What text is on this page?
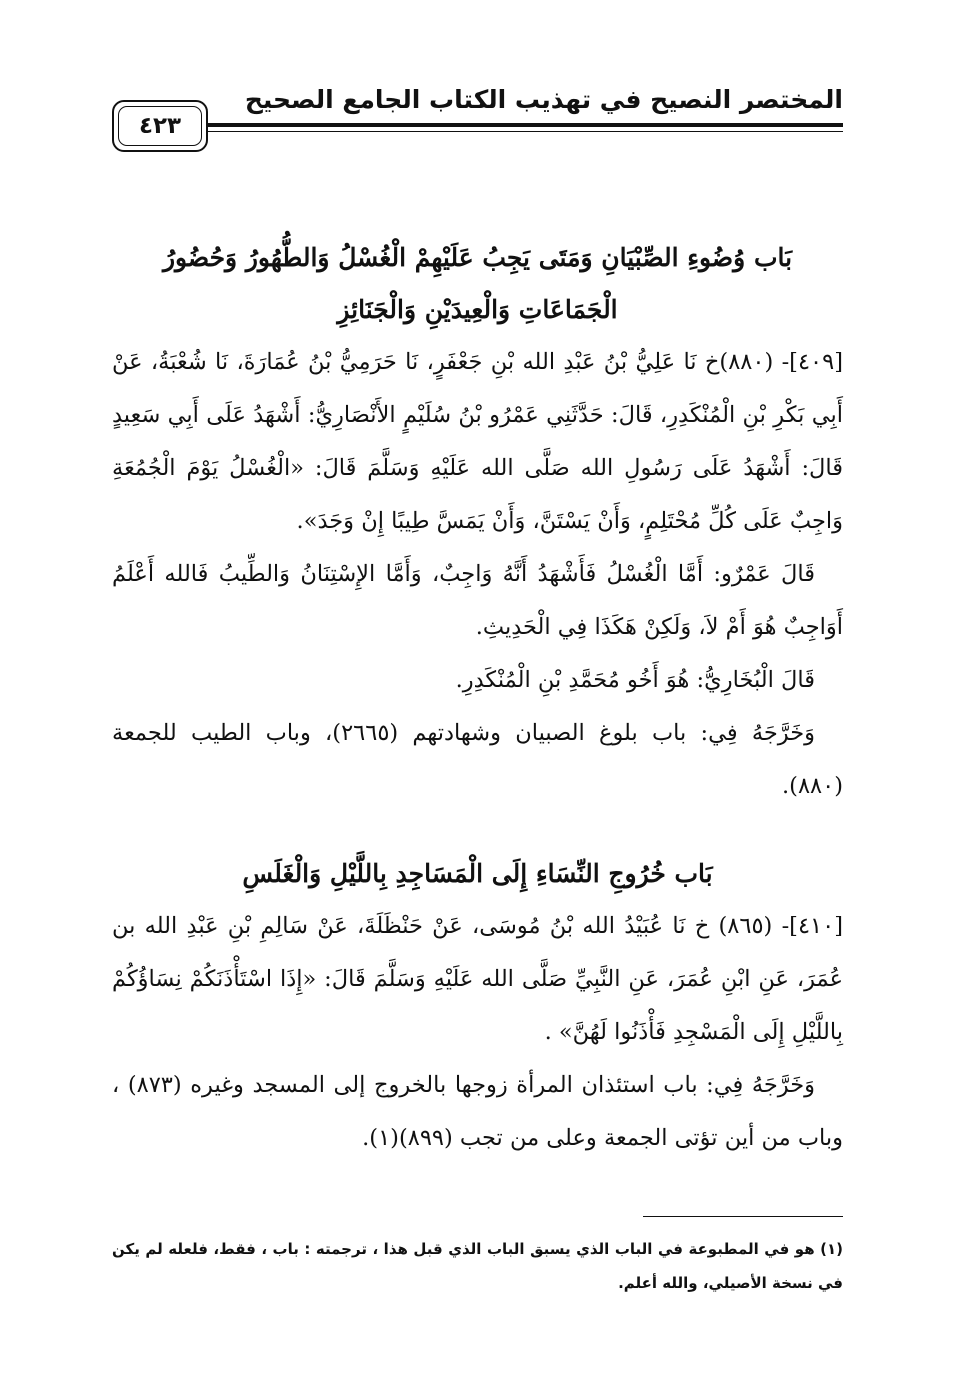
المختصر النصيح في تهذيب الكتاب الجامع الصحيح
٤٢٣
بَاب وُضُوءِ الصِّبْيَانِ وَمَتَى يَجِبُ عَلَيْهِمْ الْغُسْلُ وَالطُّهُورُ وَحُضُورُ الْجَمَاعَاتِ وَالْعِيدَيْنِ وَالْجَنَائِزِ

[٤٠٩]- (٨٨٠)خ نَا عَلِيُّ بْنُ عَبْدِ الله بْنِ جَعْفَرٍ، نَا حَرَمِيُّ بْنُ عُمَارَةَ، نَا شُعْبَةُ، عَنْ أَبِي بَكْرِ بْنِ الْمُنْكَدِرِ، قَالَ: حَدَّثَنِي عَمْرُو بْنُ سُلَيْمٍ الأَنْصَارِيُّ: أَشْهَدُ عَلَى أَبِي سَعِيدٍ قَالَ: أَشْهَدُ عَلَى رَسُولِ الله صَلَّى الله عَلَيْهِ وَسَلَّمَ قَالَ: «الْغُسْلُ يَوْمَ الْجُمُعَةِ وَاجِبٌ عَلَى كُلِّ مُحْتَلِمٍ، وَأَنْ يَسْتَنَّ، وَأَنْ يَمَسَّ طِيبًا إِنْ وَجَدَ».

قَالَ عَمْرٌو: أَمَّا الْغُسْلُ فَأَشْهَدُ أَنَّهُ وَاجِبٌ، وَأَمَّا الإِسْتِنَانُ وَالطِّيبُ فَالله أَعْلَمُ أَوَاجِبٌ هُوَ أَمْ لاَ، وَلَكِنْ هَكَذَا فِي الْحَدِيثِ.

قَالَ الْبُخَارِيُّ: هُوَ أَخُو مُحَمَّدِ بْنِ الْمُنْكَدِرِ.

وَخَرَّجَهُ فِي: باب بلوغ الصبيان وشهادتهم (٢٦٦٥)، وباب الطيب للجمعة (٨٨٠).

بَاب خُرُوجِ النِّسَاءِ إِلَى الْمَسَاجِدِ بِاللَّيْلِ وَالْغَلَسِ

[٤١٠]- (٨٦٥) خ نَا عُبَيْدُ الله بْنُ مُوسَى، عَنْ حَنْظَلَةَ، عَنْ سَالِمِ بْنِ عَبْدِ الله بن عُمَرَ، عَنِ ابْنِ عُمَرَ، عَنِ النَّبِيِّ صَلَّى الله عَلَيْهِ وَسَلَّمَ قَالَ: «إِذَا اسْتَأْذَنَكُمْ نِسَاؤُكُمْ بِاللَّيْلِ إِلَى الْمَسْجِدِ فَأْذَنُوا لَهُنَّ» .

وَخَرَّجَهُ فِي: باب استئذان المرأة زوجها بالخروج إلى المسجد وغيره (٨٧٣) ، وباب من أين تؤتى الجمعة وعلى من تجب (٨٩٩)(١).

(١) هو في المطبوعة في الباب الذي يسبق الباب الذي قبل هذا ، ترجمته : باب ، فقط، فلعله لم يكن في نسخة الأصيلي، والله أعلم.
